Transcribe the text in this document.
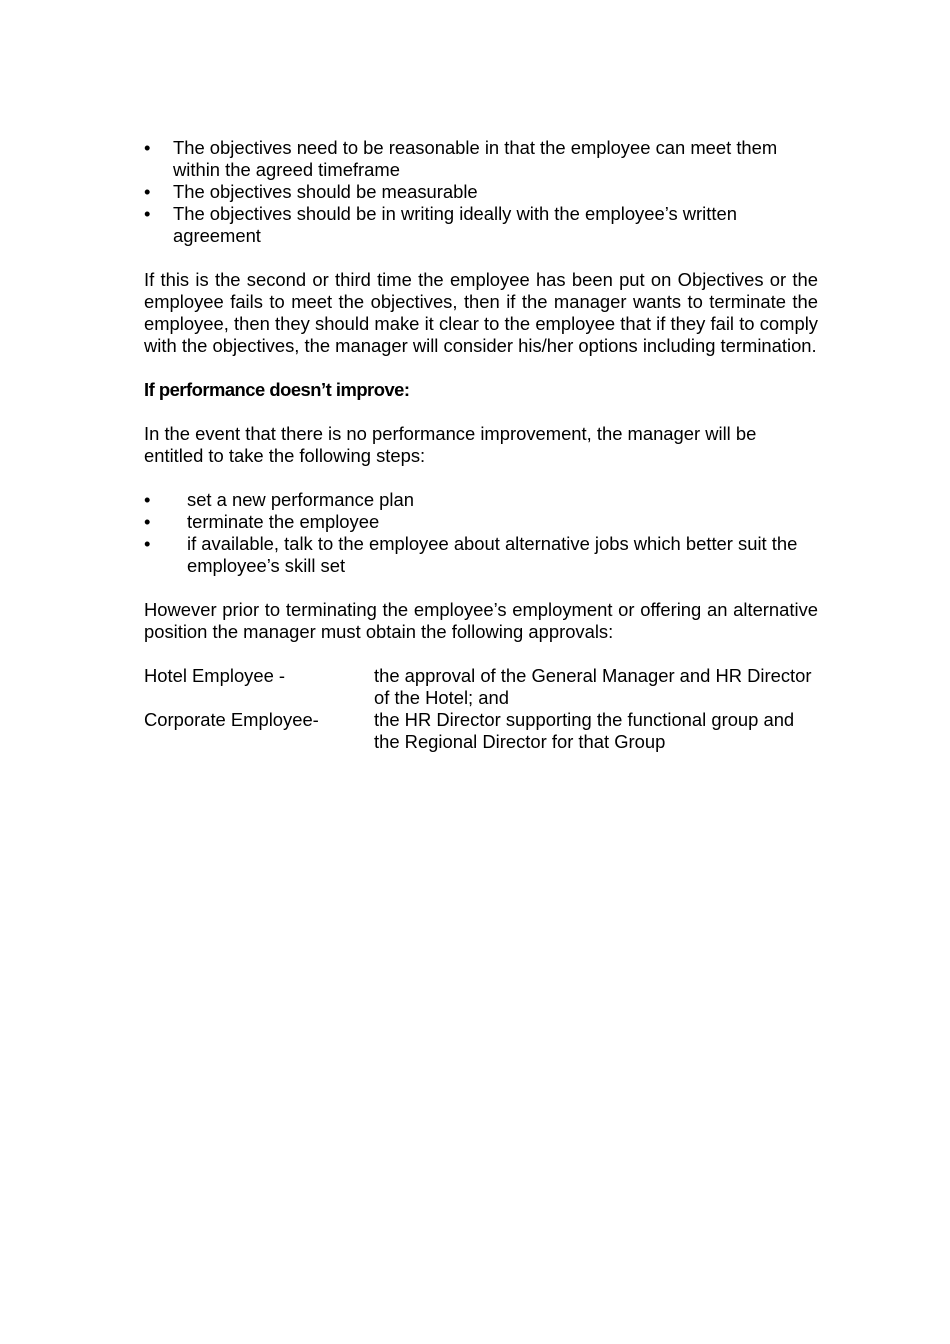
•	The objectives need to be reasonable in that the employee can meet them within the agreed timeframe
•	The objectives should be measurable
•	The objectives should be in writing ideally with the employee’s written agreement

If this is the second or third time the employee has been put on Objectives or the employee fails to meet the objectives, then if the manager wants to terminate the employee, then they should make it clear to the employee that if they fail to comply with the objectives, the manager will consider his/her options including termination.

If performance doesn’t improve:

In the event that there is no performance improvement, the manager will be entitled to take the following steps:

•	set a new performance plan
•	terminate the employee
•	if available, talk to the employee about alternative jobs which better suit the employee’s skill set

However prior to terminating the employee’s employment or offering an alternative position the manager must obtain the following approvals:

Hotel Employee -	the approval of the General Manager and HR Director of the Hotel; and
Corporate Employee-	the HR Director supporting the functional group and the Regional Director for that Group
